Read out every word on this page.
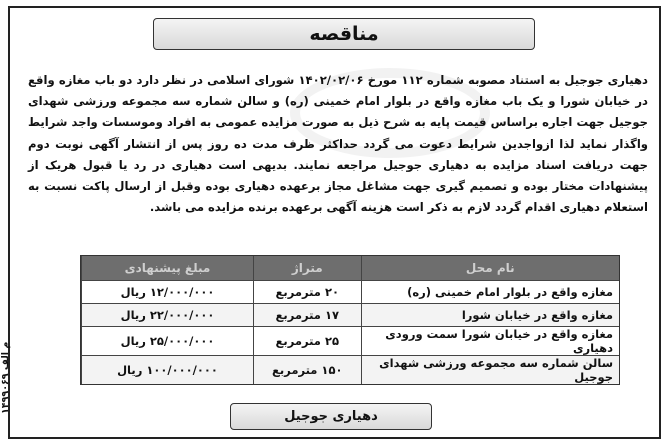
مناقصه

دهیاری جوجیل به استناد مصوبه شماره ۱۱۲ مورخ ۱۴۰۲/۰۲/۰۶ شورای اسلامی در نظر دارد دو باب مغازه واقع در خیابان شورا و یک باب مغازه واقع در بلوار امام خمینی (ره) و سالن شماره سه مجموعه ورزشی شهدای جوجیل جهت اجاره براساس قیمت پایه به شرح ذیل به صورت مزایده عمومی به افراد وموسسات واجد شرایط واگذار نماید لذا ازواجدین شرایط دعوت می گردد حداکثر ظرف مدت ده روز پس از انتشار آگهی نوبت دوم جهت دریافت اسناد مزایده به دهیاری جوجیل مراجعه نمایند. بدیهی است دهیاری در رد یا قبول هریک از پیشنهادات مختار بوده و تصمیم گیری جهت مشاغل مجاز برعهده دهیاری بوده وقبل از ارسال پاکت نسبت به استعلام دهیاری اقدام گردد لازم به ذکر است هزینه آگهی برعهده برنده مزایده می باشد.

نام محل	متراژ	مبلغ پیشنهادی
مغازه واقع در بلوار امام خمینی (ره)	۲۰ مترمربع	۱۲/۰۰۰/۰۰۰ ریال
مغازه واقع در خیابان شورا	۱۷ مترمربع	۲۲/۰۰۰/۰۰۰ ریال
مغازه واقع در خیابان شورا سمت ورودی دهیاری	۲۵ مترمربع	۲۵/۰۰۰/۰۰۰ ریال
سالن شماره سه مجموعه ورزشی شهدای جوجیل	۱۵۰ مترمربع	۱۰۰/۰۰۰/۰۰۰ ریال
دهیاری جوجیل
م الف ۱۴۹۹۰۶۹
